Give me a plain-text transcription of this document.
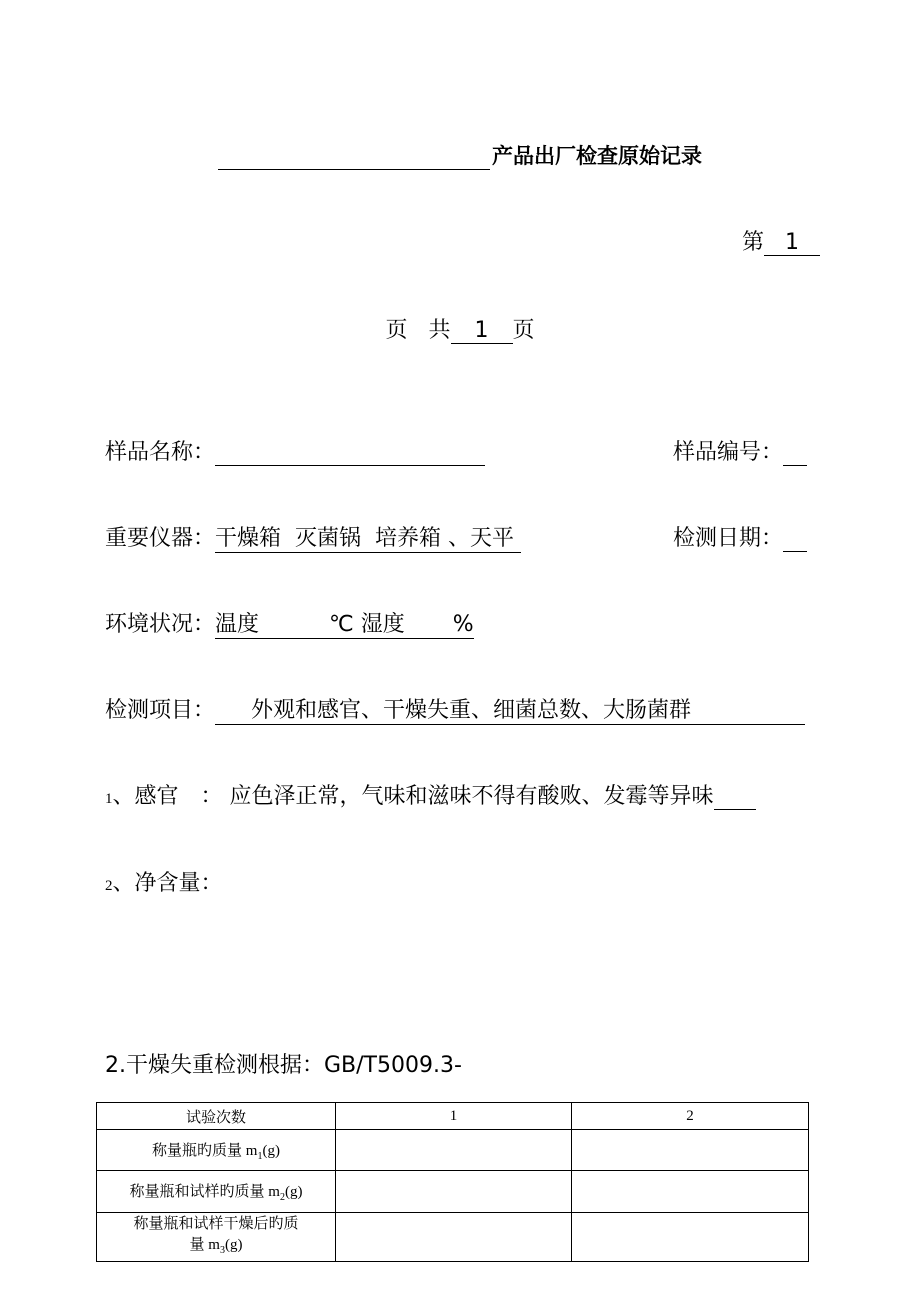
产品出厂检查原始记录
第 1
页 共 1 页
样品名称：	样品编号：
重要仪器：干燥箱  灭菌锅  培养箱 、天平	检测日期：
环境状况：温度	℃ 湿度 %
检测项目： 外观和感官、干燥失重、细菌总数、大肠菌群
1、感官　： 应色泽正常，气味和滋味不得有酸败、发霉等异味
2、净含量：
2.干燥失重检测根据：GB/T5009.3-
试验次数	1	2
称量瓶旳质量 $m_1(g)$		
称量瓶和试样旳质量 $m_2(g)$		
称量瓶和试样干燥后旳质
量 $m_3(g)$		
